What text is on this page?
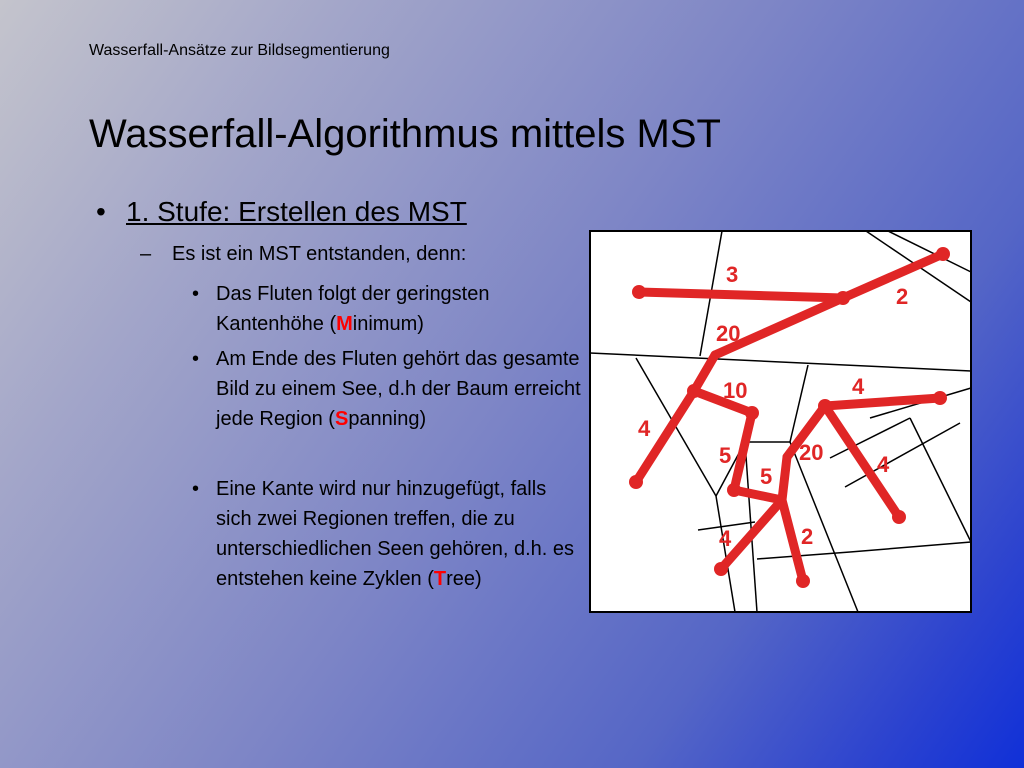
Wasserfall-Ansätze zur Bildsegmentierung
Wasserfall-Algorithmus mittels MST
• 1. Stufe: Erstellen des MST
–	Es ist ein MST entstanden, denn:
• Das Fluten folgt der geringsten Kantenhöhe (Minimum)
• Am Ende des Fluten gehört das gesamte Bild zu einem See, d.h der Baum erreicht jede Region (Spanning)
• Eine Kante wird nur hinzugefügt, falls sich zwei Regionen treffen, die zu unterschiedlichen Seen gehören, d.h. es entstehen keine Zyklen (Tree)
3
2
20
10	4
4
5
5
20 4
4	2
